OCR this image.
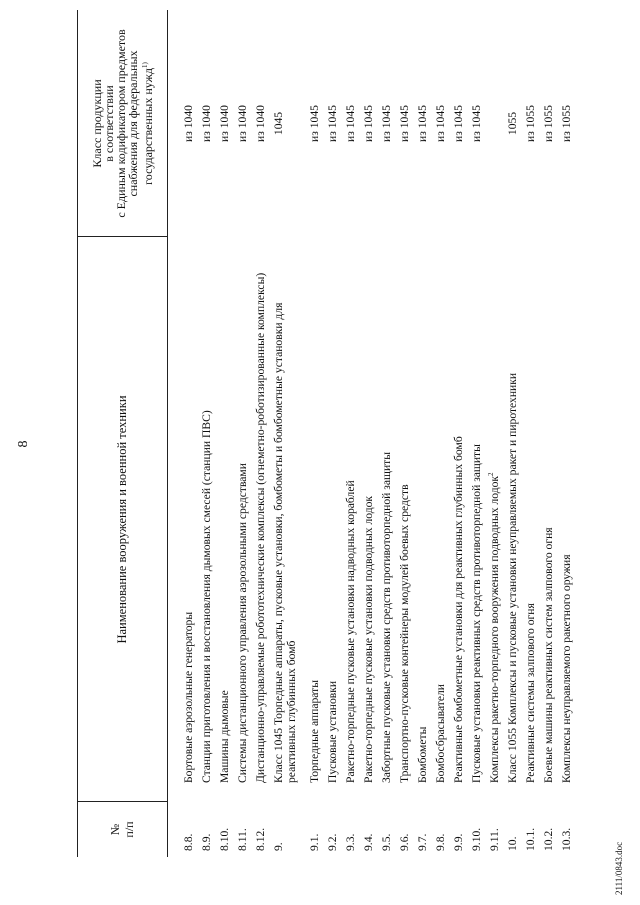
8
2111/0843.doc
№ п/п
Наименование вооружения и военной техники
Класс продукции
в соответствии
с Единым кодификатором предметов
снабжения для федеральных государственных нужд$^{1)}$
8.8.
Бортовые аэрозольные генераторы
из 1040
8.9.
Станции приготовления и восстановления дымовых смесей (станции ПВС)
из 1040
8.10.
Машины дымовые
из 1040
8.11.
Системы дистанционного управления аэрозольными средствами
из 1040
8.12.
Дистанционно-управляемые робототехнические комплексы (огнеметно-роботизированные комплексы)
из 1040
9.
Класс 1045 Торпедные аппараты, пусковые установки, бомбометы и бомбометные установки для реактивных глубинных бомб
1045
9.1.
Торпедные аппараты
из 1045
9.2.
Пусковые установки
из 1045
9.3.
Ракетно-торпедные пусковые установки надводных кораблей
из 1045
9.4.
Ракетно-торпедные пусковые установки подводных лодок
из 1045
9.5.
Забортные пусковые установки средств противоторпедной защиты
из 1045
9.6.
Транспортно-пусковые контейнеры модулей боевых средств
из 1045
9.7.
Бомбометы
из 1045
9.8.
Бомбосбрасыватели
из 1045
9.9.
Реактивные бомбометные установки для реактивных глубинных бомб
из 1045
9.10.
Пусковые установки реактивных средств противоторпедной защиты
из 1045
9.11.
Комплексы ракетно-торпедного вооружения подводных лодок$^2$
10.
Класс 1055 Комплексы и пусковые установки неуправляемых ракет и пиротехники
1055
10.1.
Реактивные системы залпового огня
из 1055
10.2.
Боевые машины реактивных систем залпового огня
из 1055
10.3.
Комплексы неуправляемого ракетного оружия
из 1055
